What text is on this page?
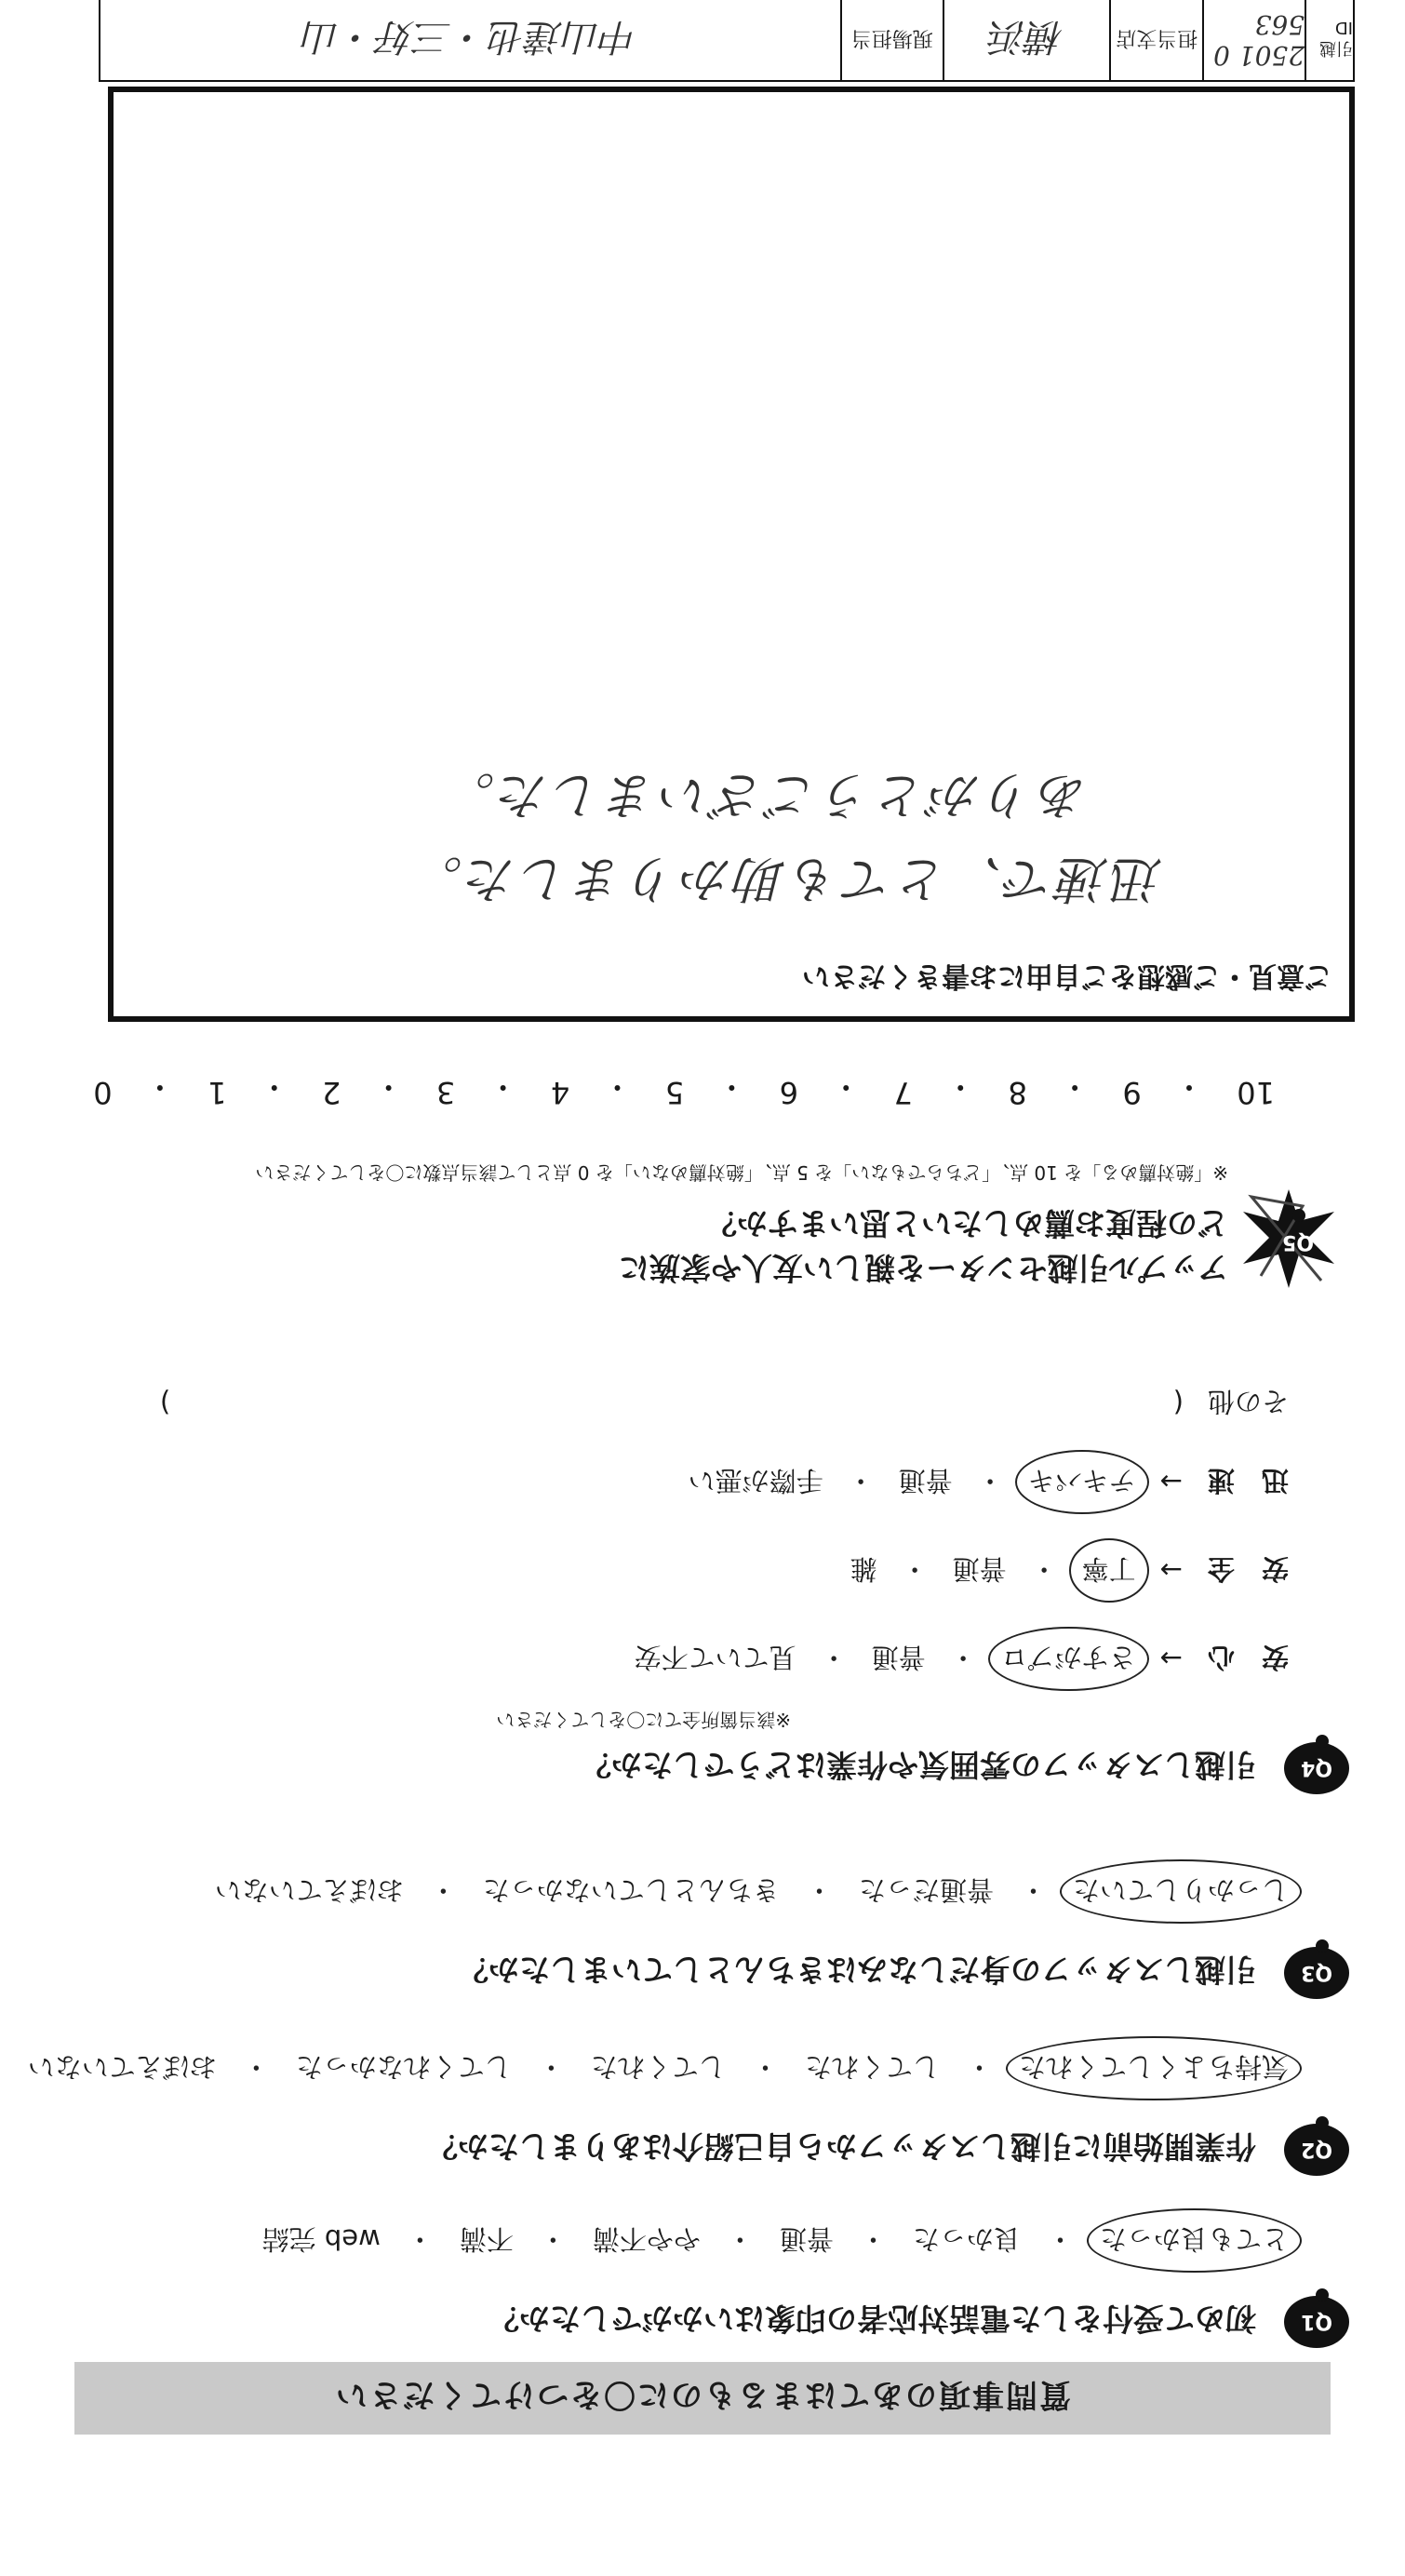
質問事項のあてはまるものに〇をつけてください
Q1
初めて受付をした電話対応者の印象はいかがでしたか？
とても良かった
・
良かった
・
普通
・
やや不満
・
不満
・
web 完結
Q2
作業開始前に引越しスタッフから自己紹介はありましたか？
気持ちよくしてくれた
・
してくれた
・
してくれた
・
してくれなかった
・
おぼえていない
Q3
引越しスタッフの身だしなみはきちんとしていましたか？
しっかりしていた
・
普通だった
・
きちんとしていなかった
・
おぼえていない
Q4
引越しスタッフの雰囲気や作業はどうでしたか？
※該当箇所全てに〇をしてください
安　心
→
さすがプロ
・
普通
・
見ていて不安
安　全
→
丁寧
・
普通
・
雑
迅　速
→
テキパキ
・
普通
・
手際が悪い
その他
(
)
Q5
アップル引越センターを親しい友人や家族に
どの程度お薦めしたいと思いますか？
※「絶対薦める」を 10 点、「どちらでもない」を 5 点、「絶対薦めない」を 0 点として該当点数に〇をしてください
10
・
9
・
8
・
7
・
6
・
5
・
4
・
3
・
2
・
1
・
0
ご意見・ご感想をご自由にお書きください
迅速で、とても助かりました。
ありがとうございました。
引越 ID
2501 0 563
担当支店
横浜
現場担当
中山達也・三好・山
